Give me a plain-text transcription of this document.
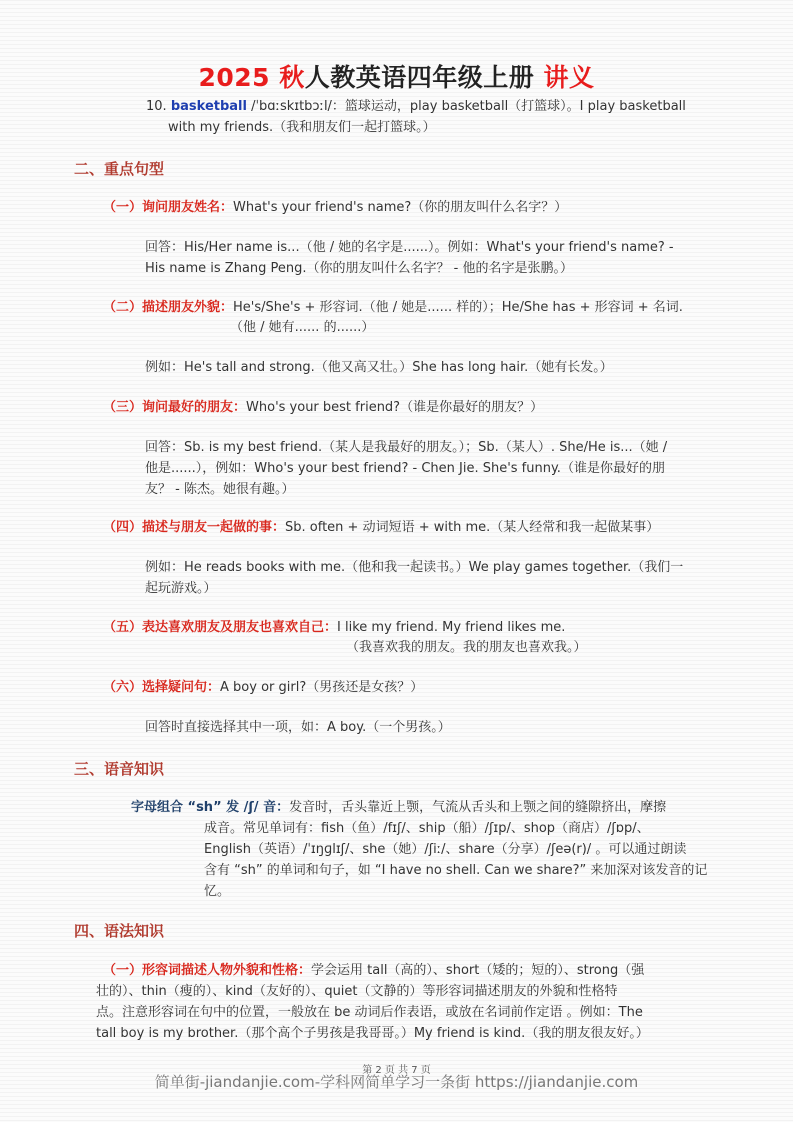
2025 秋人教英语四年级上册 讲义
10. basketball /ˈbɑːskɪtbɔːl/：篮球运动，play basketball（打篮球）。I play basketball
with my friends.（我和朋友们一起打篮球。）
二、重点句型
（一）询问朋友姓名：What's your friend's name?（你的朋友叫什么名字？）
回答：His/Her name is...（他 / 她的名字是......）。例如：What's your friend's name? -
His name is Zhang Peng.（你的朋友叫什么名字？ - 他的名字是张鹏。）
（二）描述朋友外貌：He's/She's + 形容词.（他 / 她是...... 样的）；He/She has + 形容词 + 名词.
（他 / 她有...... 的......）
例如：He's tall and strong.（他又高又壮。）She has long hair.（她有长发。）
（三）询问最好的朋友：Who's your best friend?（谁是你最好的朋友？）
回答：Sb. is my best friend.（某人是我最好的朋友。）；Sb.（某人）. She/He is...（她 /
他是......），例如：Who's your best friend? - Chen Jie. She's funny.（谁是你最好的朋
友？ - 陈杰。她很有趣。）
（四）描述与朋友一起做的事：Sb. often + 动词短语 + with me.（某人经常和我一起做某事）
例如：He reads books with me.（他和我一起读书。）We play games together.（我们一
起玩游戏。）
（五）表达喜欢朋友及朋友也喜欢自己：I like my friend. My friend likes me.
（我喜欢我的朋友。我的朋友也喜欢我。）
（六）选择疑问句：A boy or girl?（男孩还是女孩？）
回答时直接选择其中一项，如：A boy.（一个男孩。）
三、语音知识
字母组合 “sh” 发 /ʃ/ 音：发音时，舌头靠近上颚，气流从舌头和上颚之间的缝隙挤出，摩擦
成音。常见单词有：fish（鱼）/fɪʃ/、ship（船）/ʃɪp/、shop（商店）/ʃɒp/、
English（英语）/ˈɪŋɡlɪʃ/、she（她）/ʃiː/、share（分享）/ʃeə(r)/ 。可以通过朗读
含有 “sh” 的单词和句子，如 “I have no shell. Can we share?” 来加深对该发音的记
忆。
四、语法知识
（一）形容词描述人物外貌和性格：学会运用 tall（高的）、short（矮的；短的）、strong（强
壮的）、thin（瘦的）、kind（友好的）、quiet（文静的）等形容词描述朋友的外貌和性格特
点。注意形容词在句中的位置，一般放在 be 动词后作表语，或放在名词前作定语 。例如：The
tall boy is my brother.（那个高个子男孩是我哥哥。）My friend is kind.（我的朋友很友好。）
第 2 页 共 7 页
简单街-jiandanjie.com-学科网简单学习一条街 https://jiandanjie.com
